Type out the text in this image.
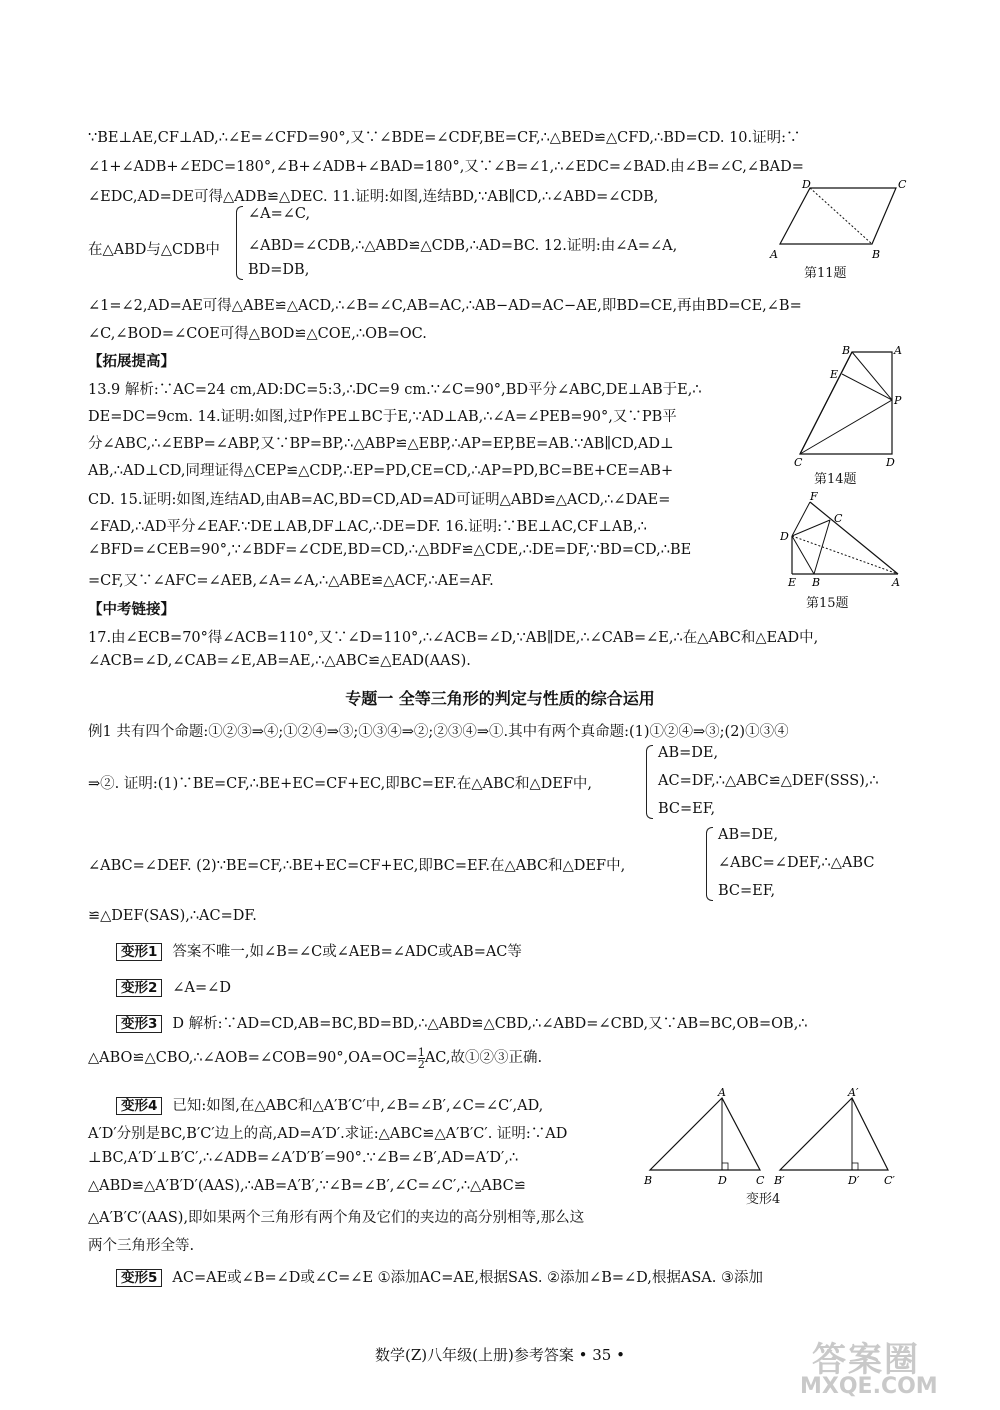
∵BE⊥AE,CF⊥AD,∴∠E=∠CFD=90°,又∵∠BDE=∠CDF,BE=CF,∴△BED≌△CFD,∴BD=CD. 10.证明:∵
∠1+∠ADB+∠EDC=180°,∠B+∠ADB+∠BAD=180°,又∵∠B=∠1,∴∠EDC=∠BAD.由∠B=∠C,∠BAD=
∠EDC,AD=DE可得△ADB≌△DEC. 11.证明:如图,连结BD,∵AB∥CD,∴∠ABD=∠CDB,
在△ABD与△CDB中
∠A=∠C,
∠ABD=∠CDB,∴△ABD≌△CDB,∴AD=BC. 12.证明:由∠A=∠A,
BD=DB,
D	C
A	B
第11题
∠1=∠2,AD=AE可得△ABE≌△ACD,∴∠B=∠C,AB=AC,∴AB−AD=AC−AE,即BD=CE,再由BD=CE,∠B=
∠C,∠BOD=∠COE可得△BOD≌△COE,∴OB=OC.
【拓展提高】
13.9 解析:∵AC=24 cm,AD:DC=5:3,∴DC=9 cm.∵∠C=90°,BD平分∠ABC,DE⊥AB于E,∴
DE=DC=9cm. 14.证明:如图,过P作PE⊥BC于E,∵AD⊥AB,∴∠A=∠PEB=90°,又∵PB平
分∠ABC,∴∠EBP=∠ABP,又∵BP=BP,∴△ABP≌△EBP,∴AP=EP,BE=AB.∵AB∥CD,AD⊥
AB,∴AD⊥CD,同理证得△CEP≌△CDP,∴EP=PD,CE=CD,∴AP=PD,BC=BE+CE=AB+
CD. 15.证明:如图,连结AD,由AB=AC,BD=CD,AD=AD可证明△ABD≌△ACD,∴∠DAE=
∠FAD,∴AD平分∠EAF.∵DE⊥AB,DF⊥AC,∴DE=DF. 16.证明:∵BE⊥AC,CF⊥AB,∴
∠BFD=∠CEB=90°,∵∠BDF=∠CDE,BD=CD,∴△BDF≌△CDE,∴DE=DF,∵BD=CD,∴BE
=CF,又∵∠AFC=∠AEB,∠A=∠A,∴△ABE≌△ACF,∴AE=AF.
B	A
E
P
C	D
第14题
F
C
D
E B	A
第15题
【中考链接】
17.由∠ECB=70°得∠ACB=110°,又∵∠D=110°,∴∠ACB=∠D,∵AB∥DE,∴∠CAB=∠E,∴在△ABC和△EAD中,
∠ACB=∠D,∠CAB=∠E,AB=AE,∴△ABC≌△EAD(AAS).
专题一 全等三角形的判定与性质的综合运用
例1 共有四个命题:①②③⇒④;①②④⇒③;①③④⇒②;②③④⇒①.其中有两个真命题:(1)①②④⇒③;(2)①③④
⇒②. 证明:(1)∵BE=CF,∴BE+EC=CF+EC,即BC=EF.在△ABC和△DEF中,
AB=DE,
AC=DF,∴△ABC≌△DEF(SSS),∴
BC=EF,
∠ABC=∠DEF. (2)∵BE=CF,∴BE+EC=CF+EC,即BC=EF.在△ABC和△DEF中,
AB=DE,
∠ABC=∠DEF,∴△ABC
BC=EF,
≌△DEF(SAS),∴AC=DF.
变形1 答案不唯一,如∠B=∠C或∠AEB=∠ADC或AB=AC等
变形2 ∠A=∠D
变形3 D 解析:∵AD=CD,AB=BC,BD=BD,∴△ABD≌△CBD,∴∠ABD=∠CBD,又∵AB=BC,OB=OB,∴
△ABO≌△CBO,∴∠AOB=∠COB=90°,OA=OC= $\frac{1}{2}$ AC,故①②③正确.
变形4 已知:如图,在△ABC和△A′B′C′中,∠B=∠B′,∠C=∠C′,AD,
A′D′分别是BC,B′C′边上的高,AD=A′D′.求证:△ABC≌△A′B′C′. 证明:∵AD
⊥BC,A′D′⊥B′C′,∴∠ADB=∠A′D′B′=90°.∵∠B=∠B′,AD=A′D′,∴
△ABD≌△A′B′D′(AAS),∴AB=A′B′,∵∠B=∠B′,∠C=∠C′,∴△ABC≌
△A′B′C′(AAS),即如果两个三角形有两个角及它们的夹边的高分别相等,那么这
两个三角形全等.
A
B	D	C
A′
B′	D′ C′
变形4
变形5 AC=AE或∠B=∠D或∠C=∠E ①添加AC=AE,根据SAS. ②添加∠B=∠D,根据ASA. ③添加
数学(Z)八年级(上册)参考答案 • 35 •	答案圈
MXQE.COM
